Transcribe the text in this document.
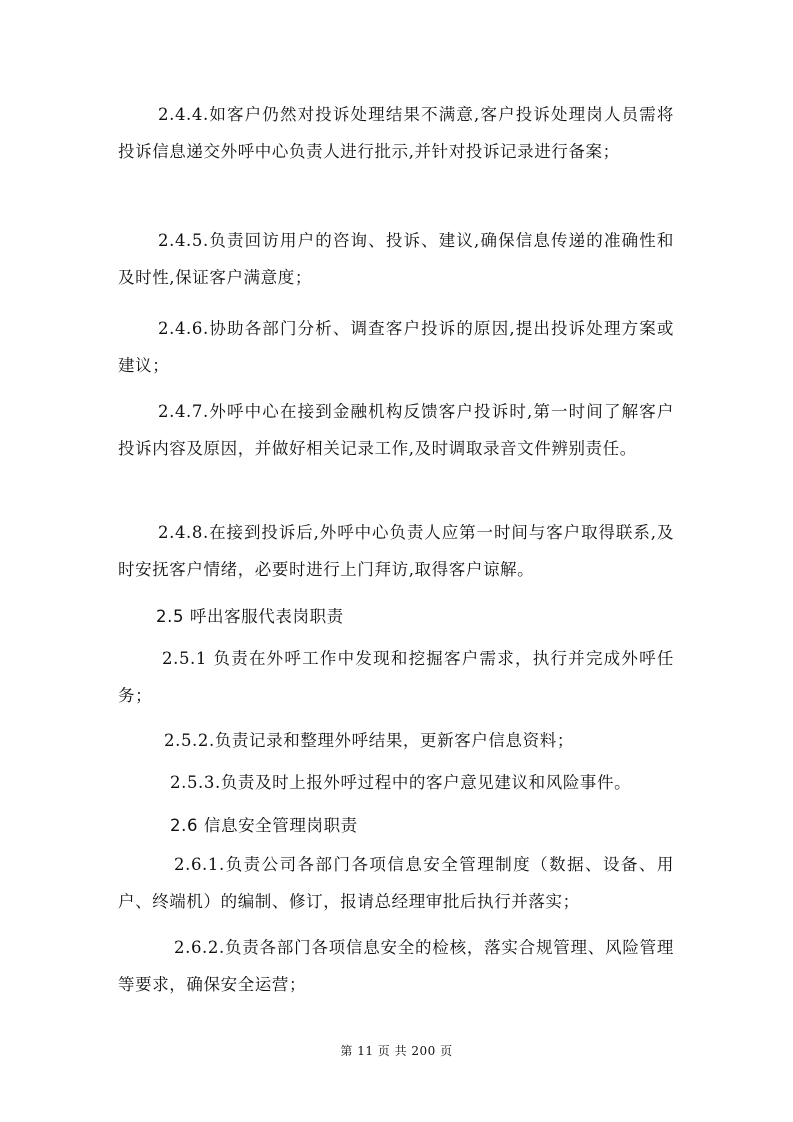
2.4.4.如客户仍然对投诉处理结果不满意,客户投诉处理岗人员需将投诉信息递交外呼中心负责人进行批示,并针对投诉记录进行备案；

2.4.5.负责回访用户的咨询、投诉、建议,确保信息传递的准确性和及时性,保证客户满意度；

2.4.6.协助各部门分析、调查客户投诉的原因,提出投诉处理方案或建议；

2.4.7.外呼中心在接到金融机构反馈客户投诉时,第一时间了解客户投诉内容及原因，并做好相关记录工作,及时调取录音文件辨别责任。

2.4.8.在接到投诉后,外呼中心负责人应第一时间与客户取得联系,及时安抚客户情绪，必要时进行上门拜访,取得客户谅解。

2.5 呼出客服代表岗职责

2.5.1 负责在外呼工作中发现和挖掘客户需求，执行并完成外呼任务；

2.5.2.负责记录和整理外呼结果，更新客户信息资料；

2.5.3.负责及时上报外呼过程中的客户意见建议和风险事件。

2.6 信息安全管理岗职责

2.6.1.负责公司各部门各项信息安全管理制度（数据、设备、用户、终端机）的编制、修订，报请总经理审批后执行并落实；

2.6.2.负责各部门各项信息安全的检核，落实合规管理、风险管理等要求，确保安全运营；

第 11 页 共 200 页
